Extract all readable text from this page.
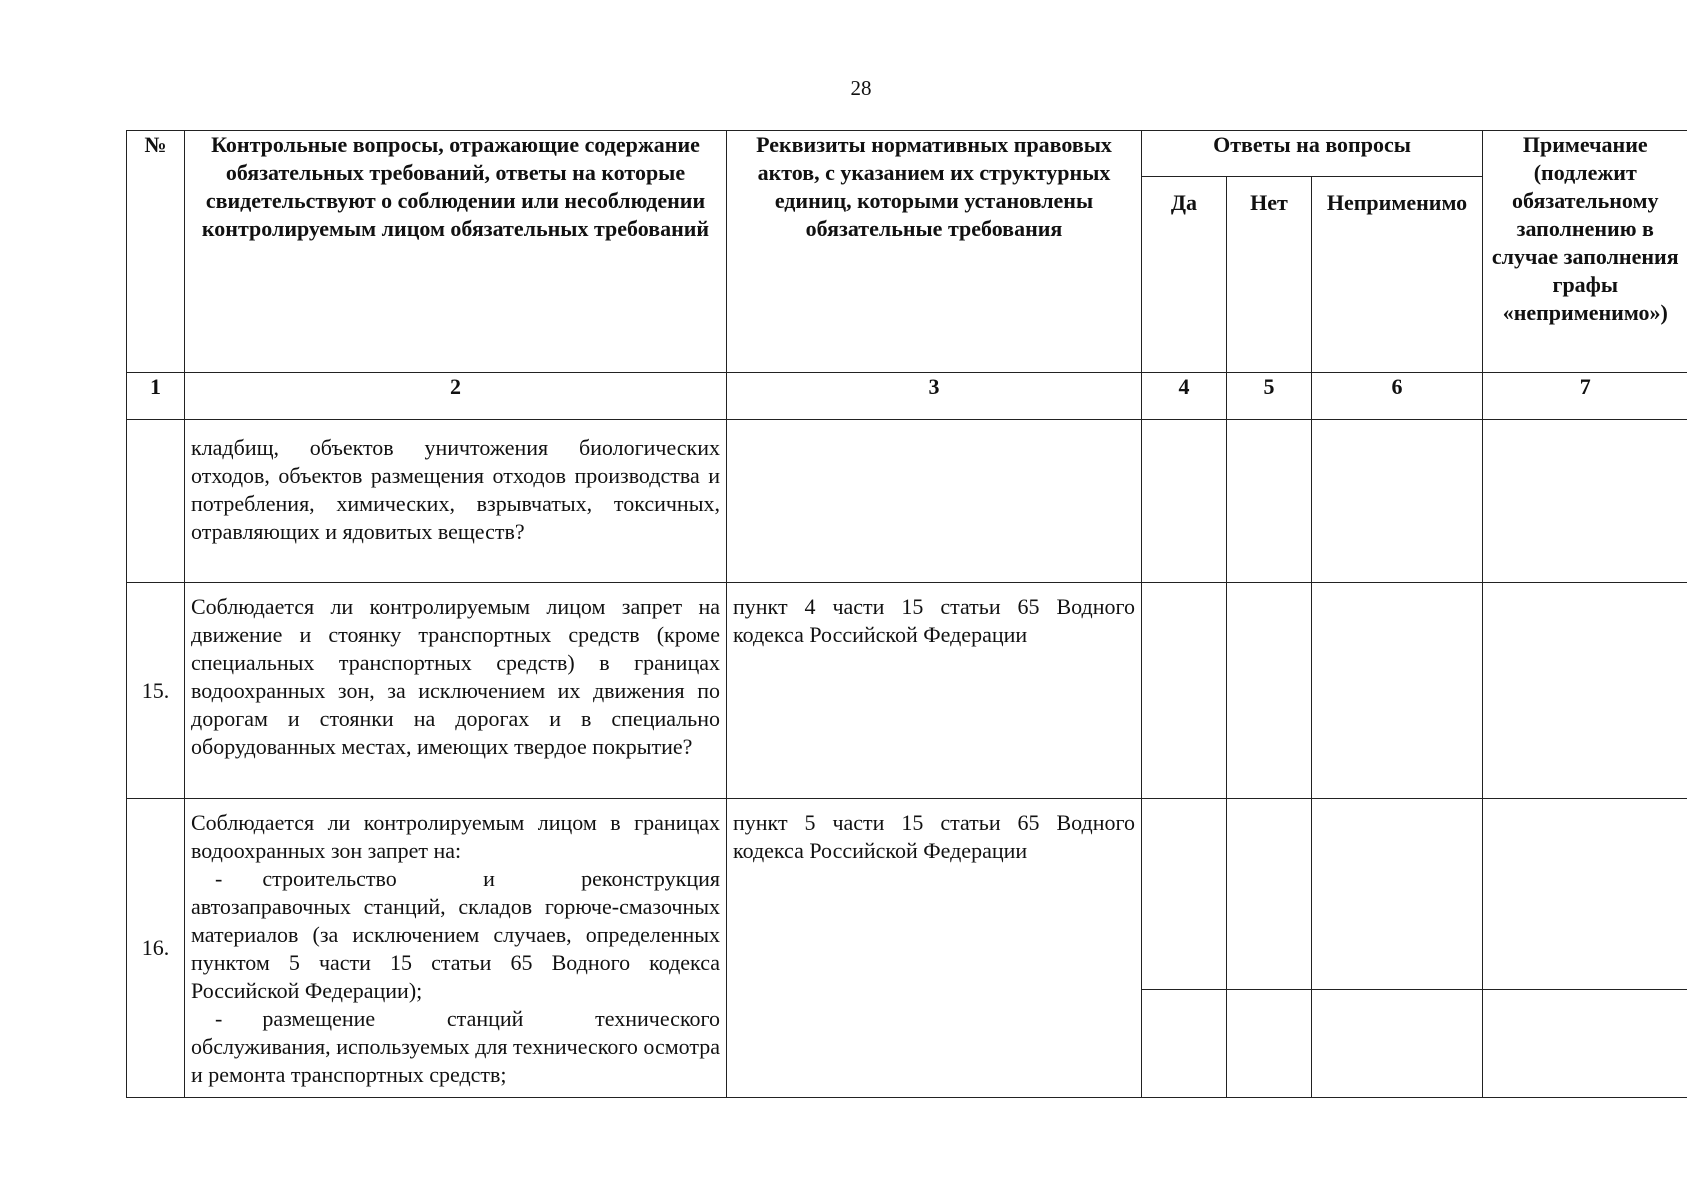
28
№	Контрольные вопросы, отражающие содержание обязательных требований, ответы на которые свидетельствуют о соблюдении или несоблюдении контролируемым лицом обязательных требований	Реквизиты нормативных правовых актов, с указанием их структурных единиц, которыми установлены обязательные требования	Ответы на вопросы			Примечание (подлежит обязательному заполнению в случае заполнения графы «неприменимо»)
			Да	Нет	Неприменимо	
1	2	3	4	5	6	7
	кладбищ, объектов уничтожения биологических отходов, объектов размещения отходов производства и потребления, химических, взрывчатых, токсичных, отравляющих и ядовитых веществ?					
15.	Соблюдается ли контролируемым лицом запрет на движение и стоянку транспортных средств (кроме специальных транспортных средств) в границах водоохранных зон, за исключением их движения по дорогам и стоянки на дорогах и в специально оборудованных местах, имеющих твердое покрытие?	пункт 4 части 15 статьи 65 Водного кодекса Российской Федерации				
16.	Соблюдается ли контролируемым лицом в границах водоохранных зон запрет на:
- строительство и реконструкция автозаправочных станций, складов горюче-смазочных материалов (за исключением случаев, определенных пунктом 5 части 15 статьи 65 Водного кодекса Российской Федерации);
- размещение станций технического обслуживания, используемых для технического осмотра и ремонта транспортных средств;	пункт 5 части 15 статьи 65 Водного кодекса Российской Федерации				
